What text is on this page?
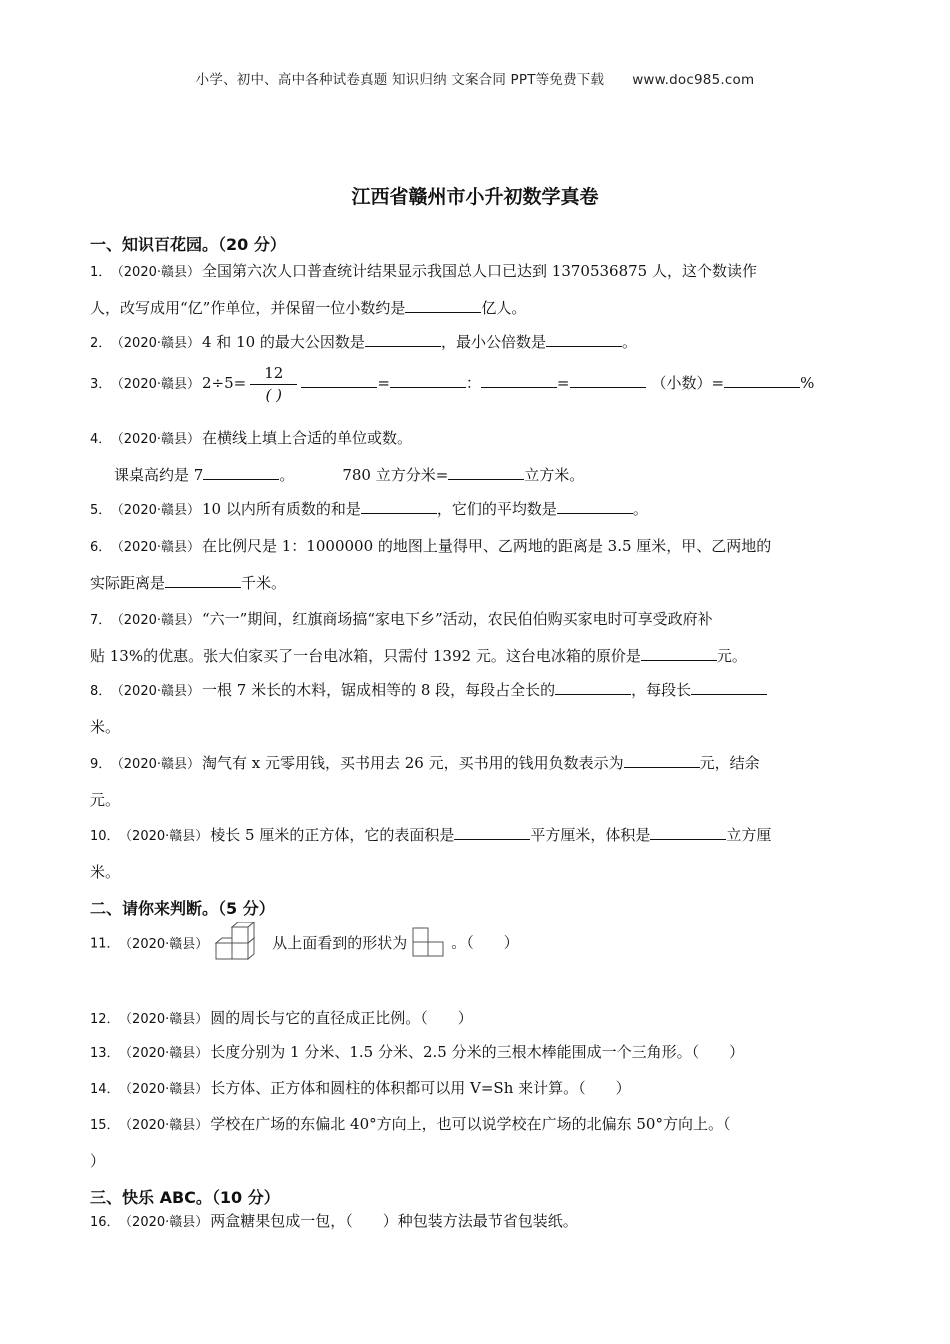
小学、初中、高中各种试卷真题 知识归纳 文案合同 PPT等免费下载 www.doc985.com
江西省赣州市小升初数学真卷
一、知识百花园。（20 分）
1． （2020·赣县） 全国第六次人口普查统计结果显示我国总人口已达到 1370536875 人，这个数读作
人，改写成用“亿”作单位，并保留一位小数约是	亿人。
2． （2020·赣县） 4 和 10 的最大公因数是	，最小公倍数是	。
3． （2020·赣县） $2\div 5= \frac{12}{( )}$	=	：	=	（小数）=	%
4． （2020·赣县） 在横线上填上合适的单位或数。
课桌高约是 7	。	780 立方分米=	立方米。
5． （2020·赣县） 10 以内所有质数的和是	，它们的平均数是	。
6． （2020·赣县） 在比例尺是 1：1000000 的地图上量得甲、乙两地的距离是 3.5 厘米，甲、乙两地的
实际距离是	千米。
7． （2020·赣县） “六一”期间，红旗商场搞“家电下乡”活动，农民伯伯购买家电时可享受政府补
贴 13%的优惠。张大伯家买了一台电冰箱，只需付 1392 元。这台电冰箱的原价是	元。
8． （2020·赣县） 一根 7 米长的木料，锯成相等的 8 段，每段占全长的	，每段长
米。
9． （2020·赣县） 淘气有 x 元零用钱，买书用去 26 元，买书用的钱用负数表示为	元，结余
元。
10． （2020·赣县） 棱长 5 厘米的正方体，它的表面积是	平方厘米，体积是	立方厘
米。
二、请你来判断。（5 分）
11． （2020·赣县）	从上面看到的形状为	。（　　）
12． （2020·赣县） 圆的周长与它的直径成正比例。（　　）
13． （2020·赣县） 长度分别为 1 分米、1.5 分米、2.5 分米的三根木棒能围成一个三角形。（　　）
14． （2020·赣县） 长方体、正方体和圆柱的体积都可以用 V=Sh 来计算。（　　）
15． （2020·赣县） 学校在广场的东偏北 40°方向上，也可以说学校在广场的北偏东 50°方向上。（
）
三、快乐 ABC。（10 分）
16． （2020·赣县） 两盒糖果包成一包，（　　）种包装方法最节省包装纸。
